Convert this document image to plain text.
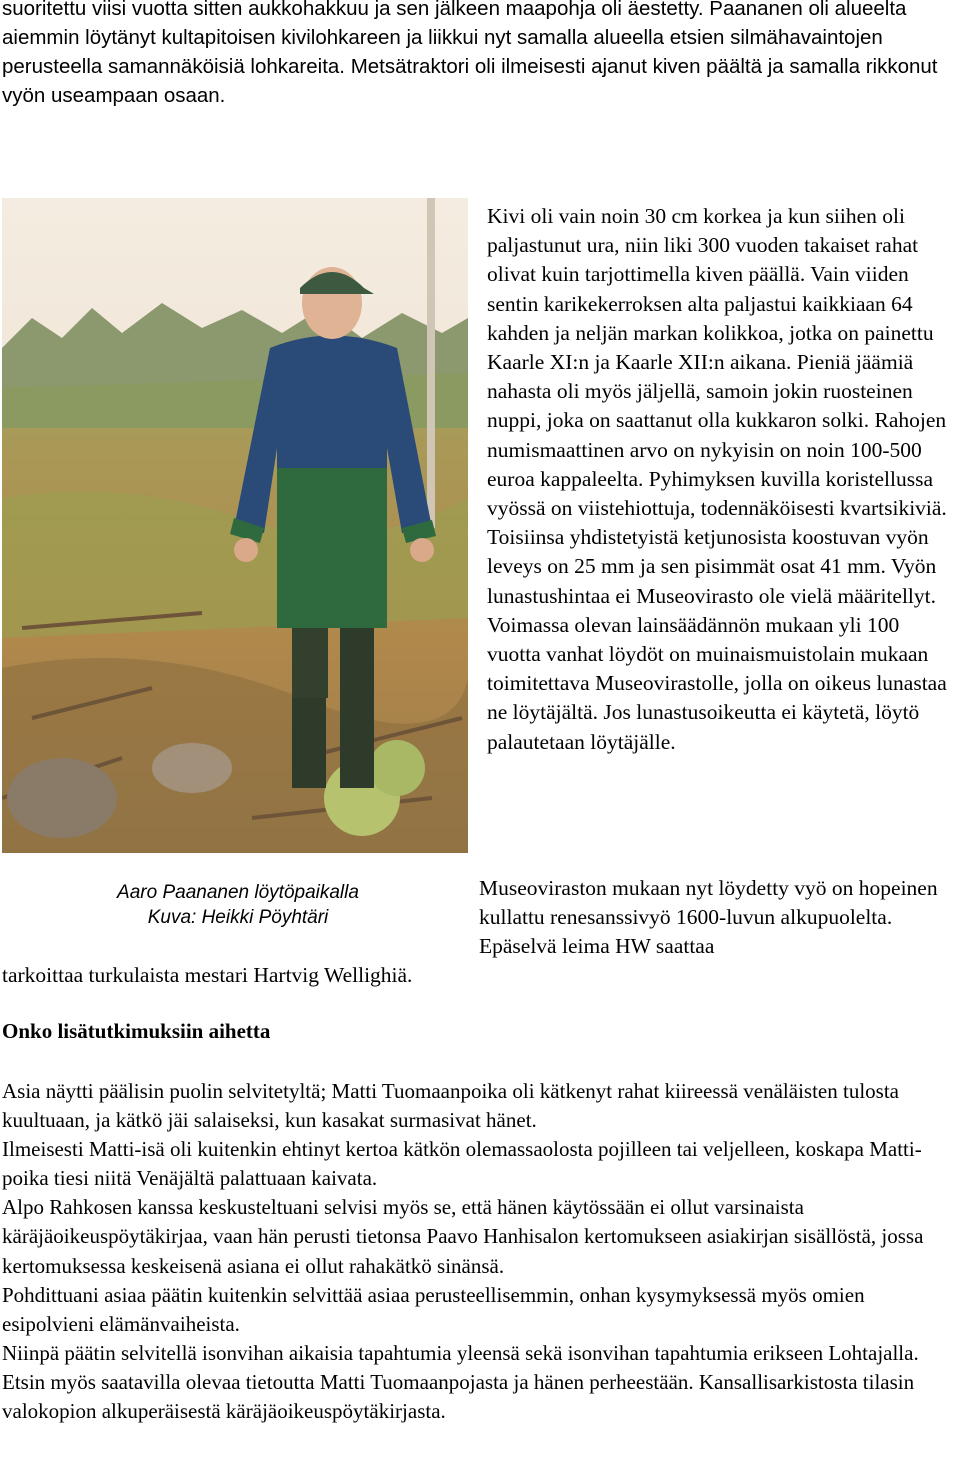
suoritettu viisi vuotta sitten aukkohakkuu ja sen jälkeen maapohja oli äestetty. Paananen oli alueelta aiemmin löytänyt kultapitoisen kivilohkareen ja liikkui nyt samalla alueella etsien silmähavaintojen perusteella samannäköisiä lohkareita. Metsätraktori oli ilmeisesti ajanut kiven päältä ja samalla rikkonut vyön useampaan osaan.

Aaro Paananen löytöpaikalla
Kuva: Heikki Pöyhtäri

Kivi oli vain noin 30 cm korkea ja kun siihen oli paljastunut ura, niin liki 300 vuoden takaiset rahat olivat kuin tarjottimella kiven päällä. Vain viiden sentin karikekerroksen alta paljastui kaikkiaan 64 kahden ja neljän markan kolikkoa, jotka on painettu Kaarle XI:n ja Kaarle XII:n aikana. Pieniä jäämiä nahasta oli myös jäljellä, samoin jokin ruosteinen nuppi, joka on saattanut olla kukkaron solki. Rahojen numismaattinen arvo on nykyisin on noin 100-500 euroa kappaleelta. Pyhimyksen kuvilla koristellussa vyössä on viistehiottuja, todennäköisesti kvartsikiviä. Toisiinsa yhdistetyistä ketjunosista koostuvan vyön leveys on 25 mm ja sen pisimmät osat 41 mm. Vyön lunastushintaa ei Museovirasto ole vielä määritellyt. Voimassa olevan lainsäädännön mukaan yli 100 vuotta vanhat löydöt on muinaismuistolain mukaan toimitettava Museovirastolle, jolla on oikeus lunastaa ne löytäjältä. Jos lunastusoikeutta ei käytetä, löytö palautetaan löytäjälle.

Museoviraston mukaan nyt löydetty vyö on hopeinen kullattu renesanssivyö 1600-luvun alkupuolelta. Epäselvä leima HW saattaa

tarkoittaa turkulaista mestari Hartvig Wellighiä.

Onko lisätutkimuksiin aihetta

Asia näytti päälisin puolin selvitetyltä; Matti Tuomaanpoika oli kätkenyt rahat kiireessä venäläisten tulosta kuultuaan, ja kätkö jäi salaiseksi, kun kasakat surmasivat hänet.

Ilmeisesti Matti-isä oli kuitenkin ehtinyt kertoa kätkön olemassaolosta pojilleen tai veljelleen, koskapa Matti-poika tiesi niitä Venäjältä palattuaan kaivata.

Alpo Rahkosen kanssa keskusteltuani selvisi myös se, että hänen käytössään ei ollut varsinaista käräjäoikeuspöytäkirjaa, vaan hän perusti tietonsa Paavo Hanhisalon kertomukseen asiakirjan sisällöstä, jossa kertomuksessa keskeisenä asiana ei ollut rahakätkö sinänsä.

Pohdittuani asiaa päätin kuitenkin selvittää asiaa perusteellisemmin, onhan kysymyksessä myös omien esipolvieni elämänvaiheista.

Niinpä päätin selvitellä isonvihan aikaisia tapahtumia yleensä sekä isonvihan tapahtumia erikseen Lohtajalla. Etsin myös saatavilla olevaa tietoutta Matti Tuomaanpojasta ja hänen perheestään. Kansallisarkistosta tilasin valokopion alkuperäisestä käräjäoikeuspöytäkirjasta.
